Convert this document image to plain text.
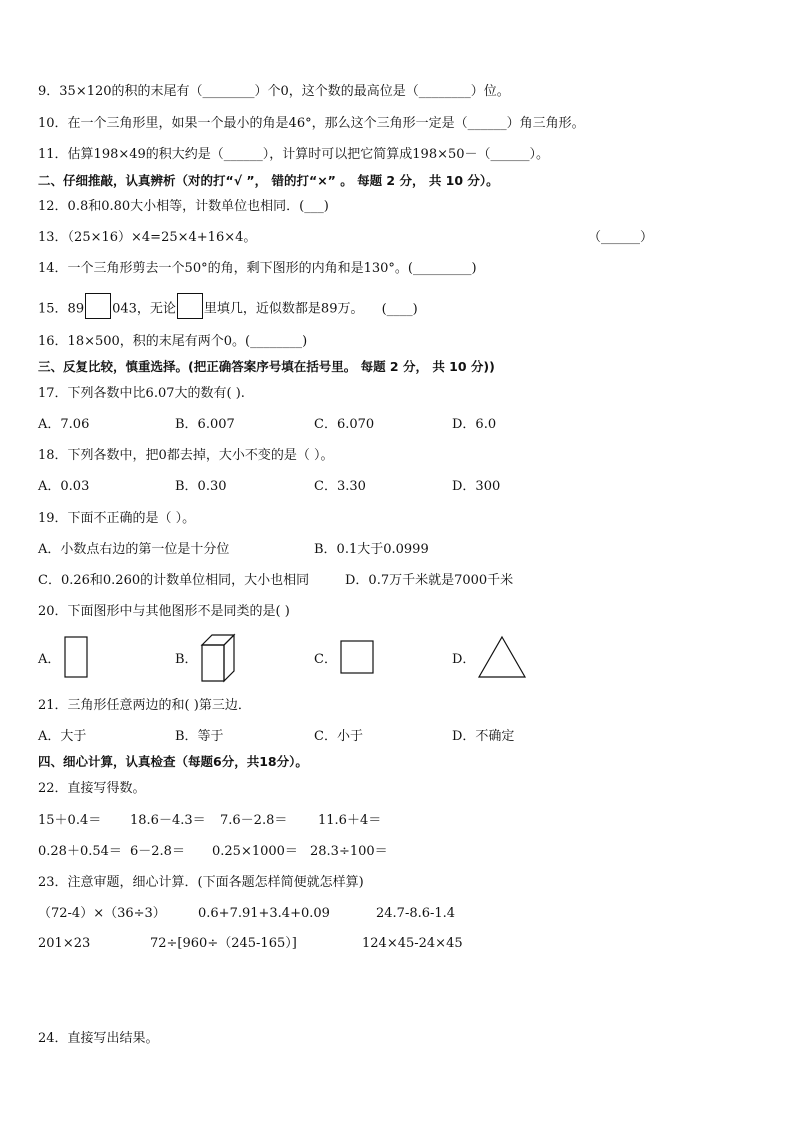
9．35×120的积的末尾有（________）个0，这个数的最高位是（________）位。
10．在一个三角形里，如果一个最小的角是46°，那么这个三角形一定是（______）角三角形。
11．估算198×49的积大约是（______），计算时可以把它简算成198×50－（______）。
二、仔细推敲，认真辨析（对的打“√ ”， 错的打“×” 。 每题 2 分， 共 10 分）。
12．0.8和0.80大小相等，计数单位也相同．(___)
13．（25×16）×4=25×4+16×4。	（______）
14．一个三角形剪去一个50°的角，剩下图形的内角和是130°。(_________)
15．89 043，无论 里填几，近似数都是89万。 (____)
16．18×500，积的末尾有两个0。(________)
三、反复比较，慎重选择。(把正确答案序号填在括号里。 每题 2 分， 共 10 分))
17．下列各数中比6.07大的数有( ).
A．7.06	B．6.007	C．6.070	D．6.0
18．下列各数中，把0都去掉，大小不变的是（ ）。
A．0.03	B．0.30	C．3.30	D．300
19．下面不正确的是（ ）。
A．小数点右边的第一位是十分位	B．0.1大于0.0999
C．0.26和0.260的计数单位相同，大小也相同	D．0.7万千米就是7000千米
20．下面图形中与其他图形不是同类的是( )
A．	B．	C．	D．
21．三角形任意两边的和( )第三边．
A．大于	B．等于	C．小于	D．不确定
四、细心计算，认真检查（每题6分，共18分）。
22．直接写得数。
15＋0.4＝ 18.6－4.3＝ 7.6－2.8＝ 11.6＋4＝
0.28＋0.54＝ 6－2.8＝ 0.25×1000＝ 28.3÷100＝
23．注意审题，细心计算．(下面各题怎样简便就怎样算)
（72-4）×（36÷3） 0.6+7.91+3.4+0.09	24.7-8.6-1.4
201×23	72÷[960÷（245-165）]	124×45-24×45
24．直接写出结果。
